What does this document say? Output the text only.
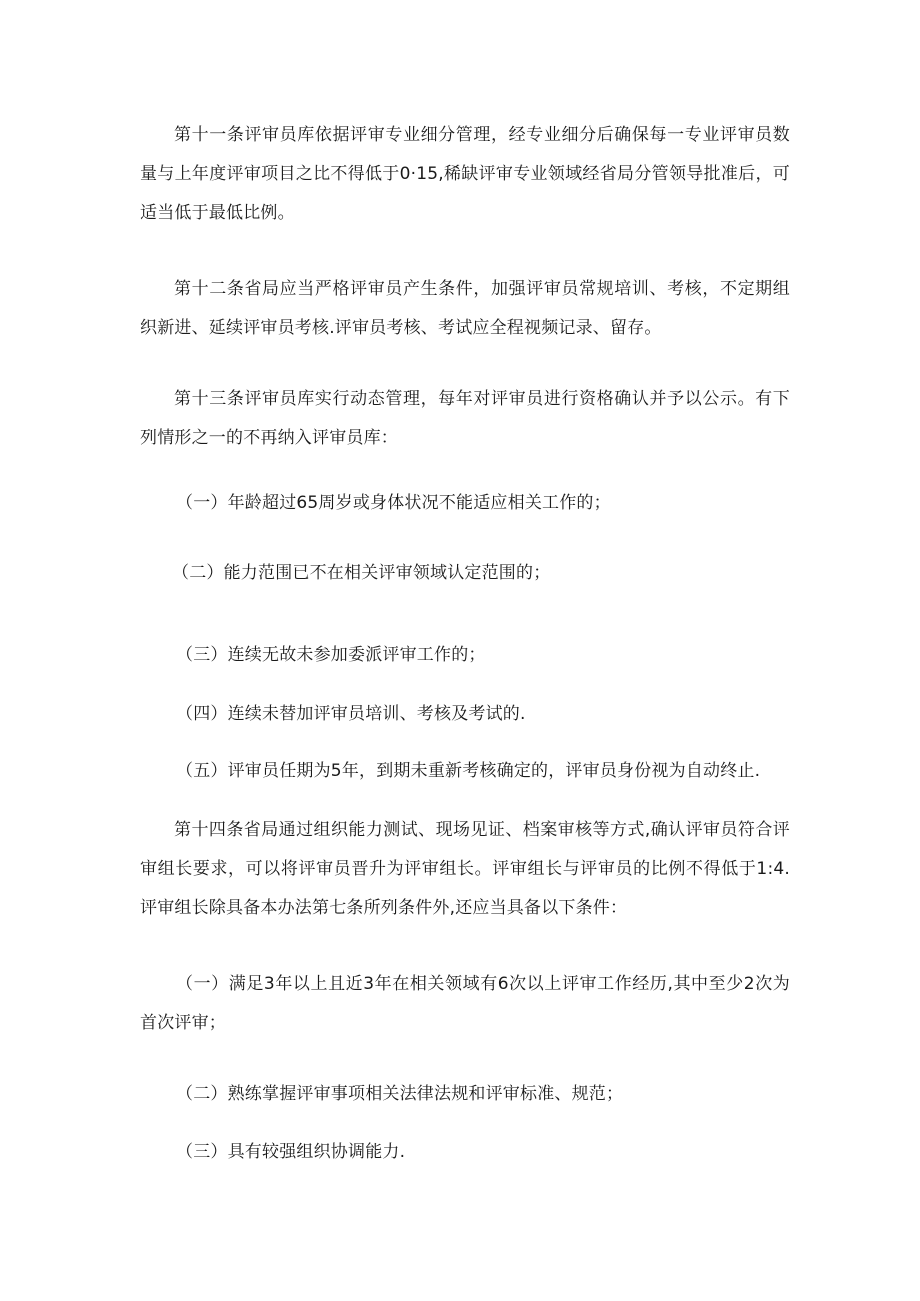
第十一条评审员库依据评审专业细分管理，经专业细分后确保每一专业评审员数量与上年度评审项目之比不得低于0·15,稀缺评审专业领域经省局分管领导批准后，可适当低于最低比例。

第十二条省局应当严格评审员产生条件，加强评审员常规培训、考核，不定期组织新进、延续评审员考核.评审员考核、考试应全程视频记录、留存。

第十三条评审员库实行动态管理，每年对评审员进行资格确认并予以公示。有下列情形之一的不再纳入评审员库：

（一）年龄超过65周岁或身体状况不能适应相关工作的；

（二）能力范围已不在相关评审领域认定范围的；

（三）连续无故未参加委派评审工作的；

（四）连续未替加评审员培训、考核及考试的.

（五）评审员任期为5年，到期未重新考核确定的，评审员身份视为自动终止.

第十四条省局通过组织能力测试、现场见证、档案审核等方式,确认评审员符合评审组长要求，可以将评审员晋升为评审组长。评审组长与评审员的比例不得低于1:4.评审组长除具备本办法第七条所列条件外,还应当具备以下条件：

（一）满足3年以上且近3年在相关领域有6次以上评审工作经历,其中至少2次为首次评审；

（二）熟练掌握评审事项相关法律法规和评审标准、规范；

（三）具有较强组织协调能力.
